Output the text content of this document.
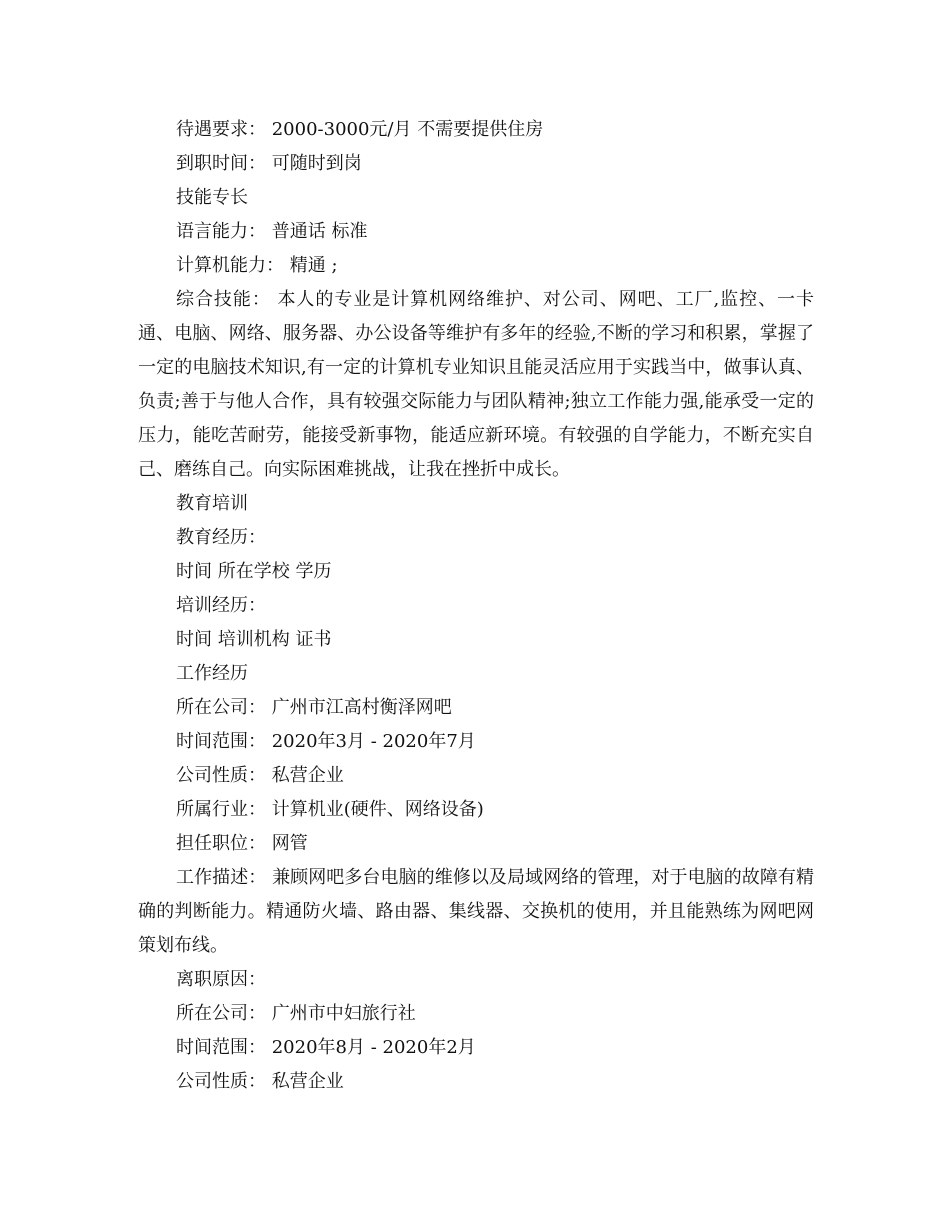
待遇要求： 2000-3000元/月 不需要提供住房
到职时间： 可随时到岗
技能专长
语言能力： 普通话 标准
计算机能力： 精通 ;

综合技能： 本人的专业是计算机网络维护、对公司、网吧、工厂,监控、一卡通、电脑、网络、服务器、办公设备等维护有多年的经验,不断的学习和积累，掌握了一定的电脑技术知识,有一定的计算机专业知识且能灵活应用于实践当中，做事认真、负责;善于与他人合作，具有较强交际能力与团队精神;独立工作能力强,能承受一定的压力，能吃苦耐劳，能接受新事物，能适应新环境。有较强的自学能力，不断充实自己、磨练自己。向实际困难挑战，让我在挫折中成长。

教育培训
教育经历：
时间 所在学校 学历
培训经历：
时间 培训机构 证书
工作经历
所在公司： 广州市江高村衡泽网吧
时间范围： 2020年3月 - 2020年7月
公司性质： 私营企业
所属行业： 计算机业(硬件、网络设备)
担任职位： 网管

工作描述： 兼顾网吧多台电脑的维修以及局域网络的管理，对于电脑的故障有精确的判断能力。精通防火墙、路由器、集线器、交换机的使用，并且能熟练为网吧网策划布线。

离职原因：
所在公司： 广州市中妇旅行社
时间范围： 2020年8月 - 2020年2月
公司性质： 私营企业
